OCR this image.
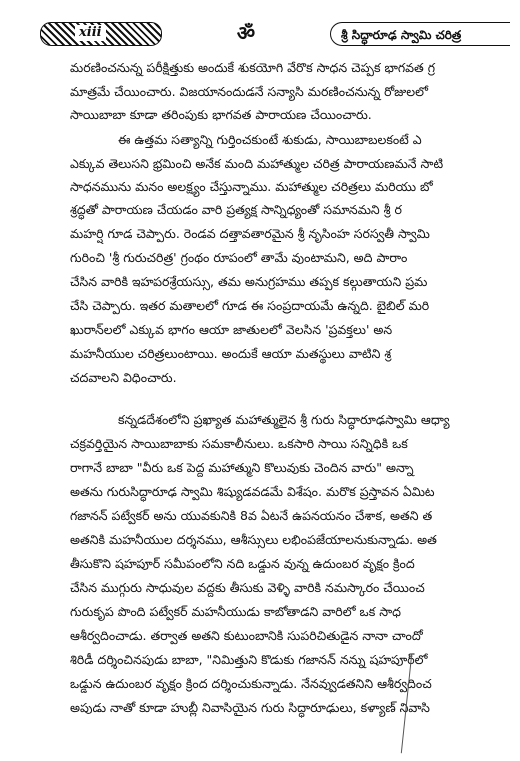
xiii	ॐ	శ్రీ సిద్ధారూఢ స్వామి చరిత్ర
మరణించనున్న పరీక్షిత్తుకు అందుకే శుకయోగి వేరొక సాధన చెప్పక భాగవత గ్ర
మాత్రమే చేయించారు. విజయానందుడనే సన్యాసి మరణించనున్న రోజులలో
సాయిబాబా కూడా తరింపుకు భాగవత పారాయణ చేయించారు.
ఈ ఉత్తమ సత్యాన్ని గుర్తించకుంటే శుకుడు, సాయిబాబలకంటే ఎ
ఎక్కువ తెలుసని భ్రమించి అనేక మంది మహాత్ముల చరిత్ర పారాయణమనే సాటి
సాధనమును మనం అలక్ష్యం చేస్తున్నాము. మహాత్ముల చరిత్రలు మరియు బో
శ్రద్ధతో పారాయణ చేయడం వారి ప్రత్యక్ష సాన్నిధ్యంతో సమానమని శ్రీ ర
మహర్షి గూడ చెప్పారు. రెండవ దత్తావతారమైన శ్రీ నృసింహ సరస్వతీ స్వామి
గురించి 'శ్రీ గురుచరిత్ర' గ్రంథం రూపంలో తామే వుంటామని, అది పారాం
చేసిన వారికి ఇహపరశ్రేయస్సు, తమ అనుగ్రహము తప్పక కల్గుతాయని ప్రమ
చేసి చెప్పారు. ఇతర మతాలలో గూడ ఈ సంప్రదాయమే ఉన్నది. బైబిల్ మరి
ఖురాన్‌లలో ఎక్కువ భాగం ఆయా జాతులలో వెలసిన 'ప్రవక్తలు' అన
మహనీయుల చరిత్రలుంటాయి. అందుకే ఆయా మతస్థులు వాటిని శ్ర
చదవాలని విధించారు.
కన్నడదేశంలోని ప్రఖ్యాత మహాత్ములైన శ్రీ గురు సిద్ధారూఢస్వామి ఆధ్యా
చక్రవర్తియైన సాయిబాబాకు సమకాలీనులు. ఒకసారి సాయి సన్నిధికి ఒక
రాగానే బాబా "వీరు ఒక పెద్ద మహాత్ముని కొలువుకు చెందిన వారు" అన్నా
అతను గురుసిద్ధారూఢ స్వామి శిష్యుడవడమే విశేషం. మరొక ప్రస్తావన ఏమిట
గజానన్ పట్వేకర్ అను యువకునికి 8వ ఏటనే ఉపనయనం చేశాక, అతని త
అతనికి మహనీయుల దర్శనము, ఆశీస్సులు లభింపజేయాలనుకున్నాడు. అత
తీసుకొని షహపూర్ సమీపంలోని నది ఒడ్డున వున్న ఉదుంబర వృక్షం క్రింద
చేసిన ముగ్గురు సాధువుల వద్దకు తీసుకు వెళ్ళి వారికి నమస్కారం చేయించ
గురుకృప పొంది పట్వేకర్ మహనీయుడు కాబోతాడని వారిలో ఒక సాధ
ఆశీర్వదించాడు. తర్వాత అతని కుటుంబానికి సుపరిచితుడైన నానా చాందో
శిరిడీ దర్శించినపుడు బాబా, "నిమిత్తుని కొడుకు గజానన్ నన్ను షహపూర్‌లో
ఒడ్డున ఉదుంబర వృక్షం క్రింద దర్శించుకున్నాడు. నేనవ్వుడతనిని ఆశీర్వదించ
అపుడు నాతో కూడా హుబ్లీ నివాసియైన గురు సిద్ధారూఢులు, కళ్యాణ్ నివాసి
